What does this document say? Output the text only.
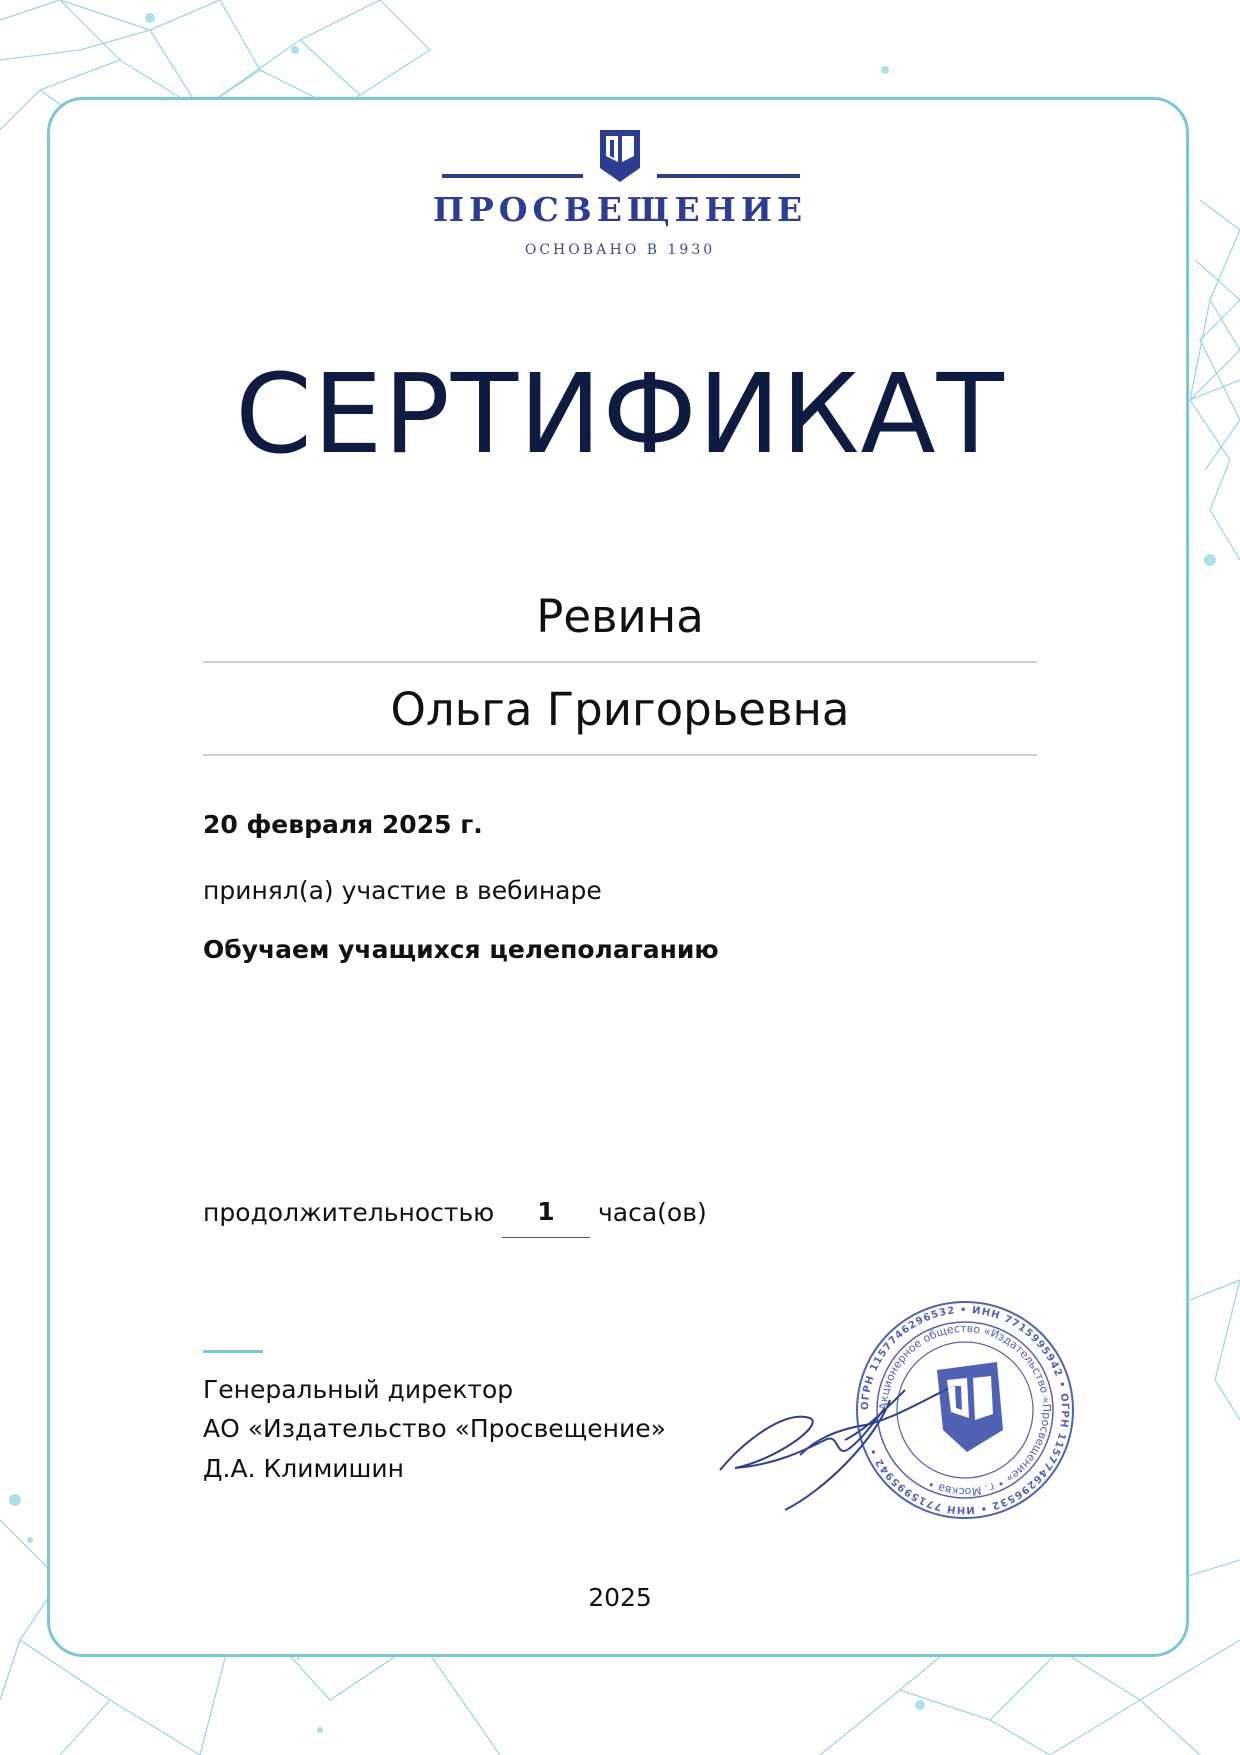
ПРОСВЕЩЕНИЕ
ОСНОВАНО В 1930
СЕРТИФИКАТ
Ревина
Ольга Григорьевна
20 февраля 2025 г.
принял(а) участие в вебинаре
Обучаем учащихся целеполаганию
продолжительностью	1	часа(ов)
Генеральный директор
АО «Издательство «Просвещение»
Д.А. Климишин
ОГРН 1157746296532 • ИНН 7715995942 • ОГРН 1157746296532 • ИНН 7715995942 •
Акционерное общество «Издательство «Просвещение» • г. Москва •
2025
